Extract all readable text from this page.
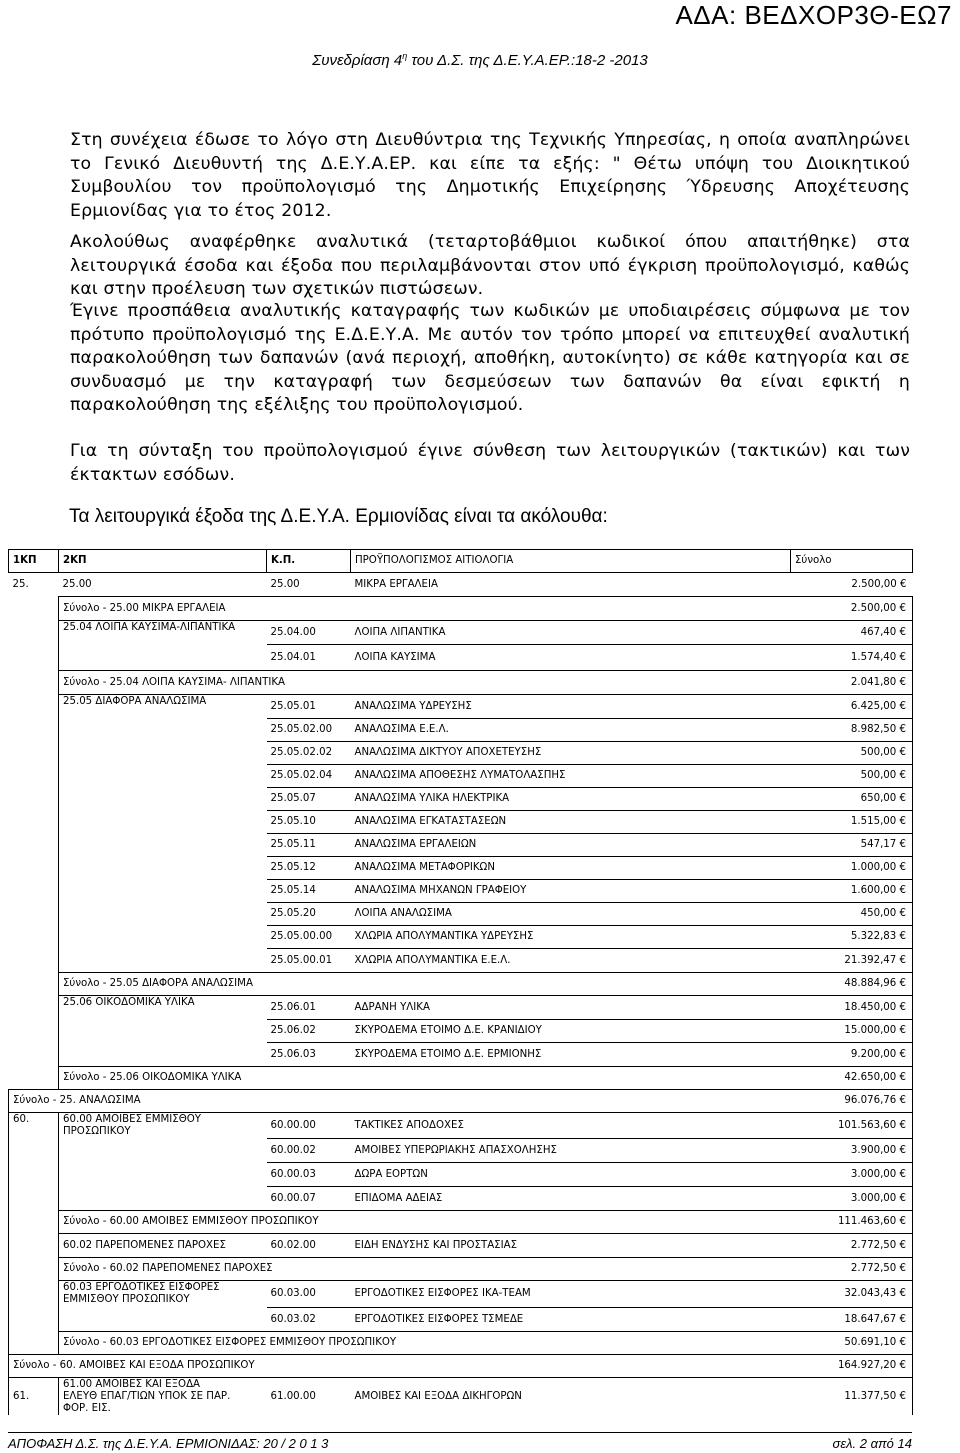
ΑΔΑ: ΒΕΔΧΟΡ3Θ-ΕΩ7
Συνεδρίαση $4^\eta$ του Δ.Σ. της Δ.Ε.Υ.Α.ΕΡ.:18-2 -2013

Στη συνέχεια έδωσε το λόγο στη Διευθύντρια της Τεχνικής Υπηρεσίας, η οποία αναπληρώνει το Γενικό Διευθυντή της Δ.Ε.Υ.Α.ΕΡ. και είπε τα εξής: " Θέτω υπόψη του Διοικητικού Συμβουλίου τον προϋπολογισμό της Δημοτικής Επιχείρησης Ύδρευσης Αποχέτευσης Ερμιονίδας για το έτος 2012.

Ακολούθως αναφέρθηκε αναλυτικά (τεταρτοβάθμιοι κωδικοί όπου απαιτήθηκε) στα λειτουργικά έσοδα και έξοδα που περιλαμβάνονται στον υπό έγκριση προϋπολογισμό, καθώς και στην προέλευση των σχετικών πιστώσεων.

Έγινε προσπάθεια αναλυτικής καταγραφής των κωδικών με υποδιαιρέσεις σύμφωνα με τον πρότυπο προϋπολογισμό της Ε.Δ.Ε.Υ.Α. Με αυτόν τον τρόπο μπορεί να επιτευχθεί αναλυτική παρακολούθηση των δαπανών (ανά περιοχή, αποθήκη, αυτοκίνητο) σε κάθε κατηγορία και σε συνδυασμό με την καταγραφή των δεσμεύσεων των δαπανών θα είναι εφικτή η παρακολούθηση της εξέλιξης του προϋπολογισμού.

Για τη σύνταξη του προϋπολογισμού έγινε σύνθεση των λειτουργικών (τακτικών) και των έκτακτων εσόδων.

Τα λειτουργικά έξοδα της Δ.Ε.Υ.Α. Ερμιονίδας είναι τα ακόλουθα:
1ΚΠ	2ΚΠ	Κ.Π.	ΠΡΟΫΠΟΛΟΓΙΣΜΟΣ ΑΙΤΙΟΛΟΓΙΑ	Σύνολο
25.	25.00	25.00	ΜΙΚΡΑ ΕΡΓΑΛΕΙΑ	2.500,00 €
	Σύνολο - 25.00 ΜΙΚΡΑ ΕΡΓΑΛΕΙΑ			2.500,00 €
	25.04 ΛΟΙΠΑ ΚΑΥΣΙΜΑ-ΛΙΠΑΝΤΙΚΑ	25.04.00	ΛΟΙΠΑ ΛΙΠΑΝΤΙΚΑ	467,40 €
		25.04.01	ΛΟΙΠΑ ΚΑΥΣΙΜΑ	1.574,40 €
	Σύνολο - 25.04 ΛΟΙΠΑ ΚΑΥΣΙΜΑ- ΛΙΠΑΝΤΙΚΑ			2.041,80 €
	25.05 ΔΙΑΦΟΡΑ ΑΝΑΛΩΣΙΜΑ	25.05.01	ΑΝΑΛΩΣΙΜΑ ΥΔΡΕΥΣΗΣ	6.425,00 €
		25.05.02.00	ΑΝΑΛΩΣΙΜΑ Ε.Ε.Λ.	8.982,50 €
		25.05.02.02	ΑΝΑΛΩΣΙΜΑ ΔΙΚΤΥΟΥ ΑΠΟΧΕΤΕΥΣΗΣ	500,00 €
		25.05.02.04	ΑΝΑΛΩΣΙΜΑ ΑΠΟΘΕΣΗΣ ΛΥΜΑΤΟΛΑΣΠΗΣ	500,00 €
		25.05.07	ΑΝΑΛΩΣΙΜΑ ΥΛΙΚΑ ΗΛΕΚΤΡΙΚΑ	650,00 €
		25.05.10	ΑΝΑΛΩΣΙΜΑ ΕΓΚΑΤΑΣΤΑΣΕΩΝ	1.515,00 €
		25.05.11	ΑΝΑΛΩΣΙΜΑ ΕΡΓΑΛΕΙΩΝ	547,17 €
		25.05.12	ΑΝΑΛΩΣΙΜΑ ΜΕΤΑΦΟΡΙΚΩΝ	1.000,00 €
		25.05.14	ΑΝΑΛΩΣΙΜΑ ΜΗΧΑΝΩΝ ΓΡΑΦΕΙΟΥ	1.600,00 €
		25.05.20	ΛΟΙΠΑ ΑΝΑΛΩΣΙΜΑ	450,00 €
		25.05.00.00	ΧΛΩΡΙΑ ΑΠΟΛΥΜΑΝΤΙΚΑ ΥΔΡΕΥΣΗΣ	5.322,83 €
		25.05.00.01	ΧΛΩΡΙΑ ΑΠΟΛΥΜΑΝΤΙΚΑ Ε.Ε.Λ.	21.392,47 €
	Σύνολο - 25.05 ΔΙΑΦΟΡΑ ΑΝΑΛΩΣΙΜΑ			48.884,96 €
	25.06 ΟΙΚΟΔΟΜΙΚΑ ΥΛΙΚΑ	25.06.01	ΑΔΡΑΝΗ ΥΛΙΚΑ	18.450,00 €
		25.06.02	ΣΚΥΡΟΔΕΜΑ ΕΤΟΙΜΟ Δ.Ε. ΚΡΑΝΙΔΙΟΥ	15.000,00 €
		25.06.03	ΣΚΥΡΟΔΕΜΑ ΕΤΟΙΜΟ Δ.Ε. ΕΡΜΙΟΝΗΣ	9.200,00 €
	Σύνολο - 25.06 ΟΙΚΟΔΟΜΙΚΑ ΥΛΙΚΑ			42.650,00 €
Σύνολο - 25. ΑΝΑΛΩΣΙΜΑ				96.076,76 €
60.	60.00 ΑΜΟΙΒΕΣ ΕΜΜΙΣΘΟΥ ΠΡΟΣΩΠΙΚΟΥ	60.00.00	ΤΑΚΤΙΚΕΣ ΑΠΟΔΟΧΕΣ	101.563,60 €
		60.00.02	ΑΜΟΙΒΕΣ ΥΠΕΡΩΡΙΑΚΗΣ ΑΠΑΣΧΟΛΗΣΗΣ	3.900,00 €
		60.00.03	ΔΩΡΑ ΕΟΡΤΩΝ	3.000,00 €
		60.00.07	ΕΠΙΔΟΜΑ ΑΔΕΙΑΣ	3.000,00 €
	Σύνολο - 60.00 ΑΜΟΙΒΕΣ ΕΜΜΙΣΘΟΥ ΠΡΟΣΩΠΙΚΟΥ			111.463,60 €
	60.02 ΠΑΡΕΠΟΜΕΝΕΣ ΠΑΡΟΧΕΣ	60.02.00	ΕΙΔΗ ΕΝΔΥΣΗΣ ΚΑΙ ΠΡΟΣΤΑΣΙΑΣ	2.772,50 €
	Σύνολο - 60.02 ΠΑΡΕΠΟΜΕΝΕΣ ΠΑΡΟΧΕΣ			2.772,50 €
	60.03 ΕΡΓΟΔΟΤΙΚΕΣ ΕΙΣΦΟΡΕΣ ΕΜΜΙΣΘΟΥ ΠΡΟΣΩΠΙΚΟΥ	60.03.00	ΕΡΓΟΔΟΤΙΚΕΣ ΕΙΣΦΟΡΕΣ ΙΚΑ-ΤΕΑΜ	32.043,43 €
		60.03.02	ΕΡΓΟΔΟΤΙΚΕΣ ΕΙΣΦΟΡΕΣ ΤΣΜΕΔΕ	18.647,67 €
	Σύνολο - 60.03 ΕΡΓΟΔΟΤΙΚΕΣ ΕΙΣΦΟΡΕΣ ΕΜΜΙΣΘΟΥ ΠΡΟΣΩΠΙΚΟΥ			50.691,10 €
Σύνολο - 60. ΑΜΟΙΒΕΣ ΚΑΙ ΕΞΟΔΑ ΠΡΟΣΩΠΙΚΟΥ				164.927,20 €
61.	61.00 ΑΜΟΙΒΕΣ ΚΑΙ ΕΞΟΔΑ ΕΛΕΥΘ ΕΠΑΓ/ΤΙΩΝ ΥΠΟΚ ΣΕ ΠΑΡ. ΦΟΡ. ΕΙΣ.	61.00.00	ΑΜΟΙΒΕΣ ΚΑΙ ΕΞΟΔΑ ΔΙΚΗΓΟΡΩΝ	11.377,50 €
ΑΠΟΦΑΣΗ Δ.Σ. της Δ.Ε.Υ.Α. ΕΡΜΙΟΝΙΔΑΣ: 20 / 2 0 1 3	σελ. 2 από 14
